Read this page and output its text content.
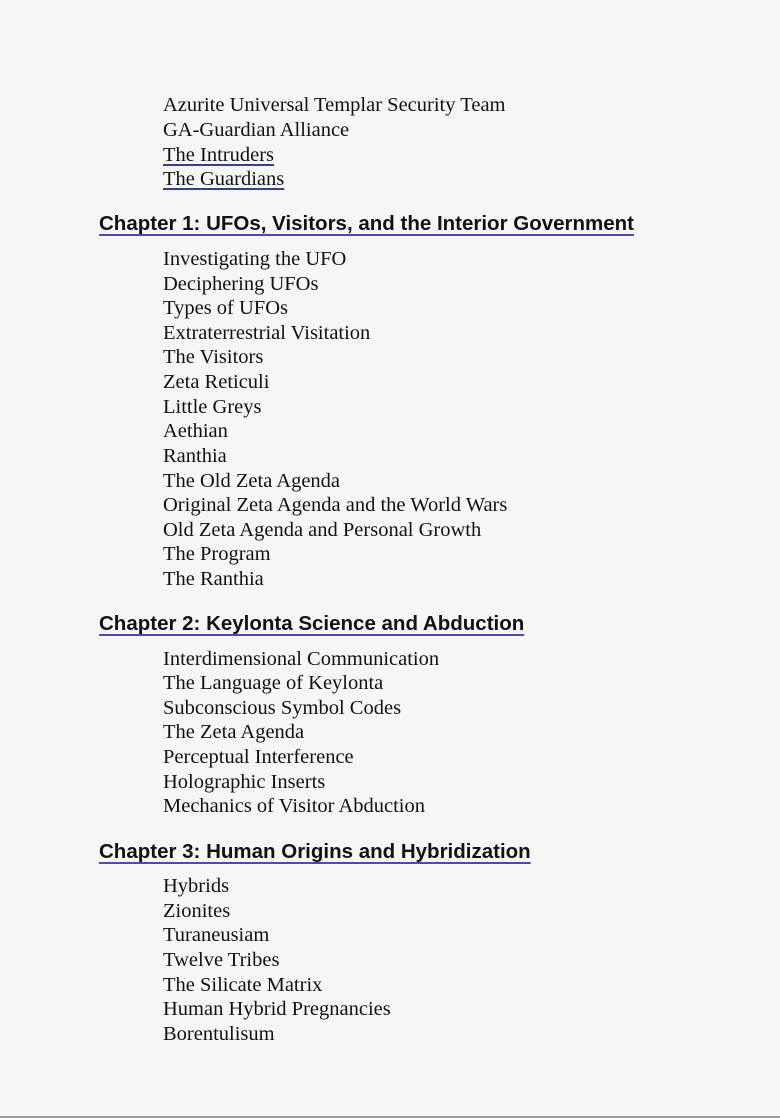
Azurite Universal Templar Security Team
GA-Guardian Alliance
The Intruders
The Guardians
Chapter 1: UFOs, Visitors, and the Interior Government
Investigating the UFO
Deciphering UFOs
Types of UFOs
Extraterrestrial Visitation
The Visitors
Zeta Reticuli
Little Greys
Aethian
Ranthia
The Old Zeta Agenda
Original Zeta Agenda and the World Wars
Old Zeta Agenda and Personal Growth
The Program
The Ranthia
Chapter 2: Keylonta Science and Abduction
Interdimensional Communication
The Language of Keylonta
Subconscious Symbol Codes
The Zeta Agenda
Perceptual Interference
Holographic Inserts
Mechanics of Visitor Abduction
Chapter 3: Human Origins and Hybridization
Hybrids
Zionites
Turaneusiam
Twelve Tribes
The Silicate Matrix
Human Hybrid Pregnancies
Borentulisum
